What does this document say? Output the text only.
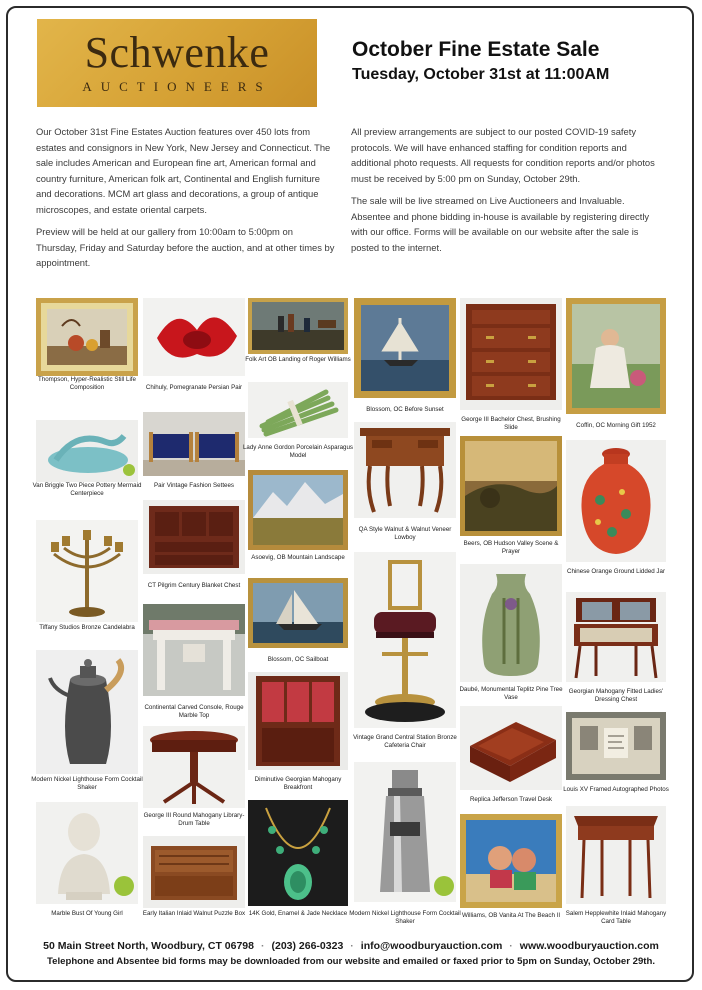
Schwenke
AUCTIONEERS
October Fine Estate Sale
Tuesday, October 31st at 11:00AM

Our October 31st Fine Estates Auction features over 450 lots from estates and consignors in New York, New Jersey and Connecticut. The sale includes American and European fine art, American formal and country furniture, American folk art, Continental and English furniture and decorations. MCM art glass and decorations, a group of antique microscopes, and estate oriental carpets.

Preview will be held at our gallery from 10:00am to 5:00pm on Thursday, Friday and Saturday before the auction, and at other times by appointment.

All preview arrangements are subject to our posted COVID-19 safety protocols. We will have enhanced staffing for condition reports and additional photo requests. All requests for condition reports and/or photos must be received by 5:00 pm on Sunday, October 29th.

The sale will be live streamed on Live Auctioneers and Invaluable. Absentee and phone bidding in-house is available by registering directly with our office. Forms will be available on our website after the sale is posted to the internet.

Thompson, Hyper-Realistic Still Life Composition
Van Briggle Two Piece Pottery Mermaid Centerpiece
Tiffany Studios Bronze Candelabra
Modern Nickel Lighthouse Form Cocktail Shaker
Marble Bust Of Young Girl
Chihuly, Pomegranate Persian Pair
Pair Vintage Fashion Settees
CT Pilgrim Century Blanket Chest
Continental Carved Console, Rouge Marble Top
George III Round Mahogany Library-Drum Table
Early Italian Inlaid Walnut Puzzle Box
Folk Art OB Landing of Roger Williams
Lady Anne Gordon Porcelain Asparagus Model
Asoevig, OB Mountain Landscape
Blossom, OC Sailboat
Diminutive Georgian Mahogany Breakfront
14K Gold, Enamel & Jade Necklace
Blossom, OC Before Sunset
QA Style Walnut & Walnut Veneer Lowboy
Vintage Grand Central Station Bronze Cafeteria Chair
Modern Nickel Lighthouse Form Cocktail Shaker
George III Bachelor Chest, Brushing Slide
Beers, OB Hudson Valley Scene & Prayer
Daubé, Monumental Teplitz Pine Tree Vase
Replica Jefferson Travel Desk
Williams, OB Vanita At The Beach II
Coffin, OC Morning Gift 1952
Chinese Orange Ground Lidded Jar
Georgian Mahogany Fitted Ladies' Dressing Chest
Louis XV Framed Autographed Photos
Salem Hepplewhite Inlaid Mahogany Card Table
50 Main Street North, Woodbury, CT 06798 · (203) 266-0323 · info@woodburyauction.com · www.woodburyauction.com
Telephone and Absentee bid forms may be downloaded from our website and emailed or faxed prior to 5pm on Sunday, October 29th.
